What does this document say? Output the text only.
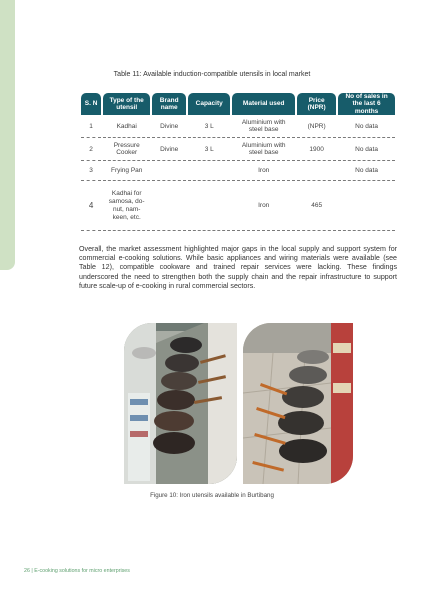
Table 11: Available induction-compatible utensils in local market
S. N	Type of the utensil	Brand name	Capacity	Material used	Price (NPR)	No of sales in the last 6 months
1	Kadhai	Divine	3 L	Aluminium with steel base	(NPR)	No data
2	Pressure Cooker	Divine	3 L	Aluminium with steel base	1900	No data
3	Frying Pan			Iron		No data
4	Kadhai for samosa, do-nut, nam-keen, etc.			Iron	465	
Overall, the market assessment highlighted major gaps in the local supply and support system for commercial e-cooking solutions. While basic appliances and wiring materials were available (see Table 12), compatible cookware and trained repair services were lacking. These findings underscored the need to strengthen both the supply chain and the repair infrastructure to support future scale-up of e-cooking in rural commercial sectors.
Figure 10: Iron utensils available in Burtibang
26 | E-cooking solutions for micro enterprises
